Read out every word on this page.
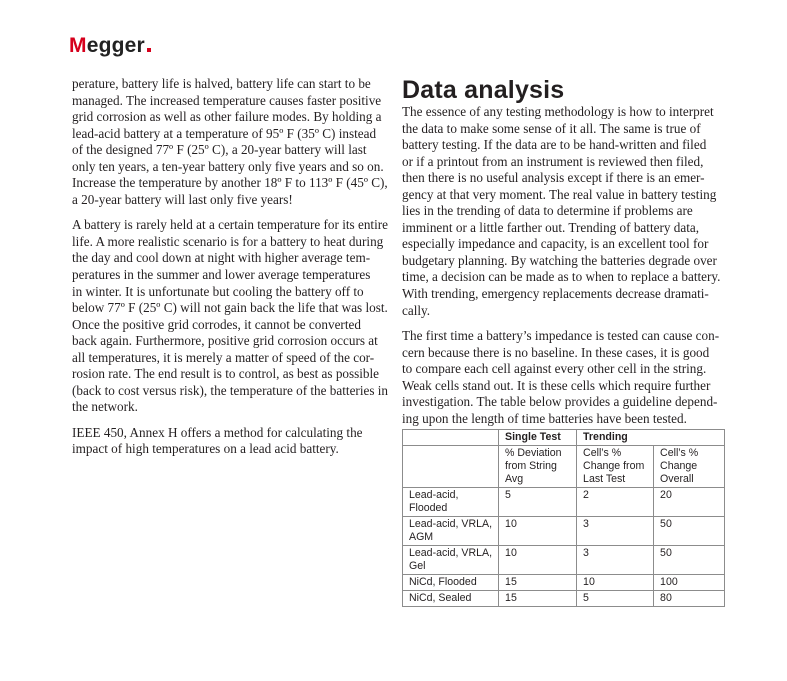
M egger

perature, battery life is halved, battery life can start to be
managed. The increased temperature causes faster positive
grid corrosion as well as other failure modes. By holding a
lead-acid battery at a temperature of 95º F (35º C) instead
of the designed 77º F (25º C), a 20-year battery will last
only ten years, a ten-year battery only five years and so on.
Increase the temperature by another 18º F to 113º F (45º C),
a 20-year battery will last only five years!

A battery is rarely held at a certain temperature for its entire
life. A more realistic scenario is for a battery to heat during
the day and cool down at night with higher average tem-
peratures in the summer and lower average temperatures
in winter. It is unfortunate but cooling the battery off to
below 77º F (25º C) will not gain back the life that was lost.
Once the positive grid corrodes, it cannot be converted
back again. Furthermore, positive grid corrosion occurs at
all temperatures, it is merely a matter of speed of the cor-
rosion rate. The end result is to control, as best as possible
(back to cost versus risk), the temperature of the batteries in
the network.

IEEE 450, Annex H offers a method for calculating the
impact of high temperatures on a lead acid battery.

Data analysis

The essence of any testing methodology is how to interpret
the data to make some sense of it all. The same is true of
battery testing. If the data are to be hand-written and filed
or if a printout from an instrument is reviewed then filed,
then there is no useful analysis except if there is an emer-
gency at that very moment. The real value in battery testing
lies in the trending of data to determine if problems are
imminent or a little farther out. Trending of battery data,
especially impedance and capacity, is an excellent tool for
budgetary planning. By watching the batteries degrade over
time, a decision can be made as to when to replace a battery.
With trending, emergency replacements decrease dramati-
cally.

The first time a battery’s impedance is tested can cause con-
cern because there is no baseline. In these cases, it is good
to compare each cell against every other cell in the string.
Weak cells stand out. It is these cells which require further
investigation. The table below provides a guideline depend-
ing upon the length of time batteries have been tested.

	Single Test	Trending	

	% Deviation
from String
Avg	Cell’s %
Change from
Last Test	Cell’s %
Change
Overall

Lead-acid,
Flooded	5	2	20

Lead-acid, VRLA,
AGM	10	3	50

Lead-acid, VRLA,
Gel	10	3	50

NiCd, Flooded	15	10	100

NiCd, Sealed	15	5	80
